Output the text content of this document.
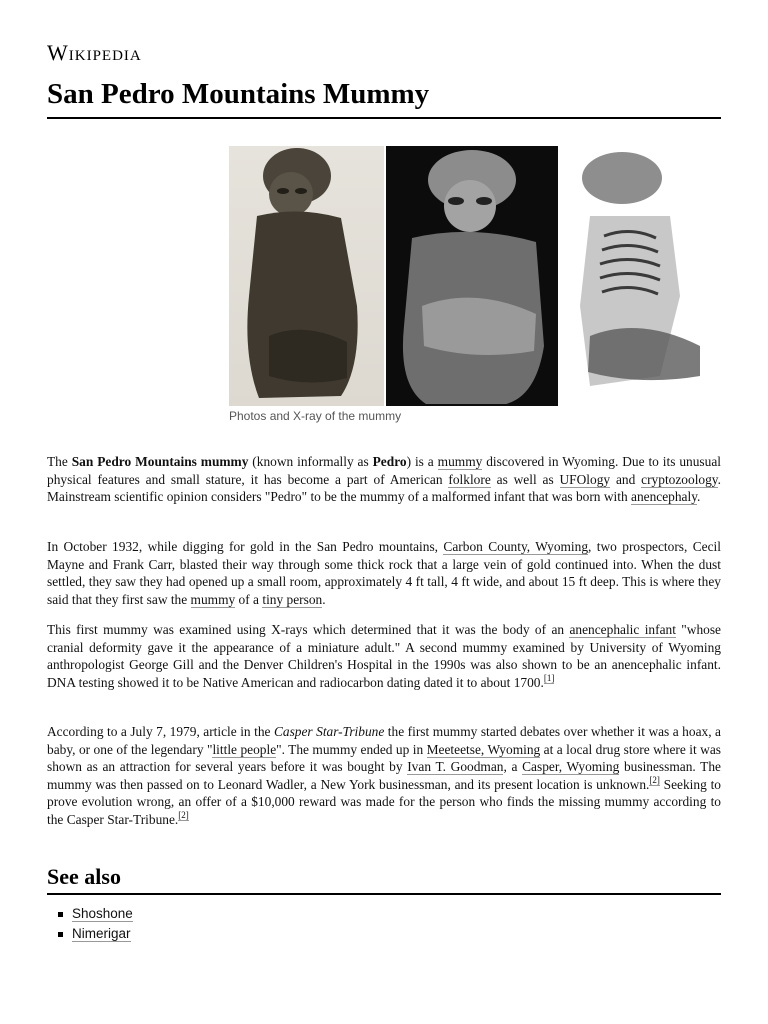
Wikipedia
San Pedro Mountains Mummy
Photos and X-ray of the mummy

The San Pedro Mountains mummy (known informally as Pedro) is a mummy discovered in Wyoming. Due to its unusual physical features and small stature, it has become a part of American folklore as well as UFOlogy and cryptozoology. Mainstream scientific opinion considers "Pedro" to be the mummy of a malformed infant that was born with anencephaly.

In October 1932, while digging for gold in the San Pedro mountains, Carbon County, Wyoming, two prospectors, Cecil Mayne and Frank Carr, blasted their way through some thick rock that a large vein of gold continued into. When the dust settled, they saw they had opened up a small room, approximately 4 ft tall, 4 ft wide, and about 15 ft deep. This is where they said that they first saw the mummy of a tiny person.

This first mummy was examined using X-rays which determined that it was the body of an anencephalic infant "whose cranial deformity gave it the appearance of a miniature adult." A second mummy examined by University of Wyoming anthropologist George Gill and the Denver Children's Hospital in the 1990s was also shown to be an anencephalic infant. DNA testing showed it to be Native American and radiocarbon dating dated it to about 1700.[1]

According to a July 7, 1979, article in the Casper Star-Tribune the first mummy started debates over whether it was a hoax, a baby, or one of the legendary "little people". The mummy ended up in Meeteetse, Wyoming at a local drug store where it was shown as an attraction for several years before it was bought by Ivan T. Goodman, a Casper, Wyoming businessman. The mummy was then passed on to Leonard Wadler, a New York businessman, and its present location is unknown.[2] Seeking to prove evolution wrong, an offer of a $10,000 reward was made for the person who finds the missing mummy according to the Casper Star-Tribune.[2]

See also
Shoshone
Nimerigar
